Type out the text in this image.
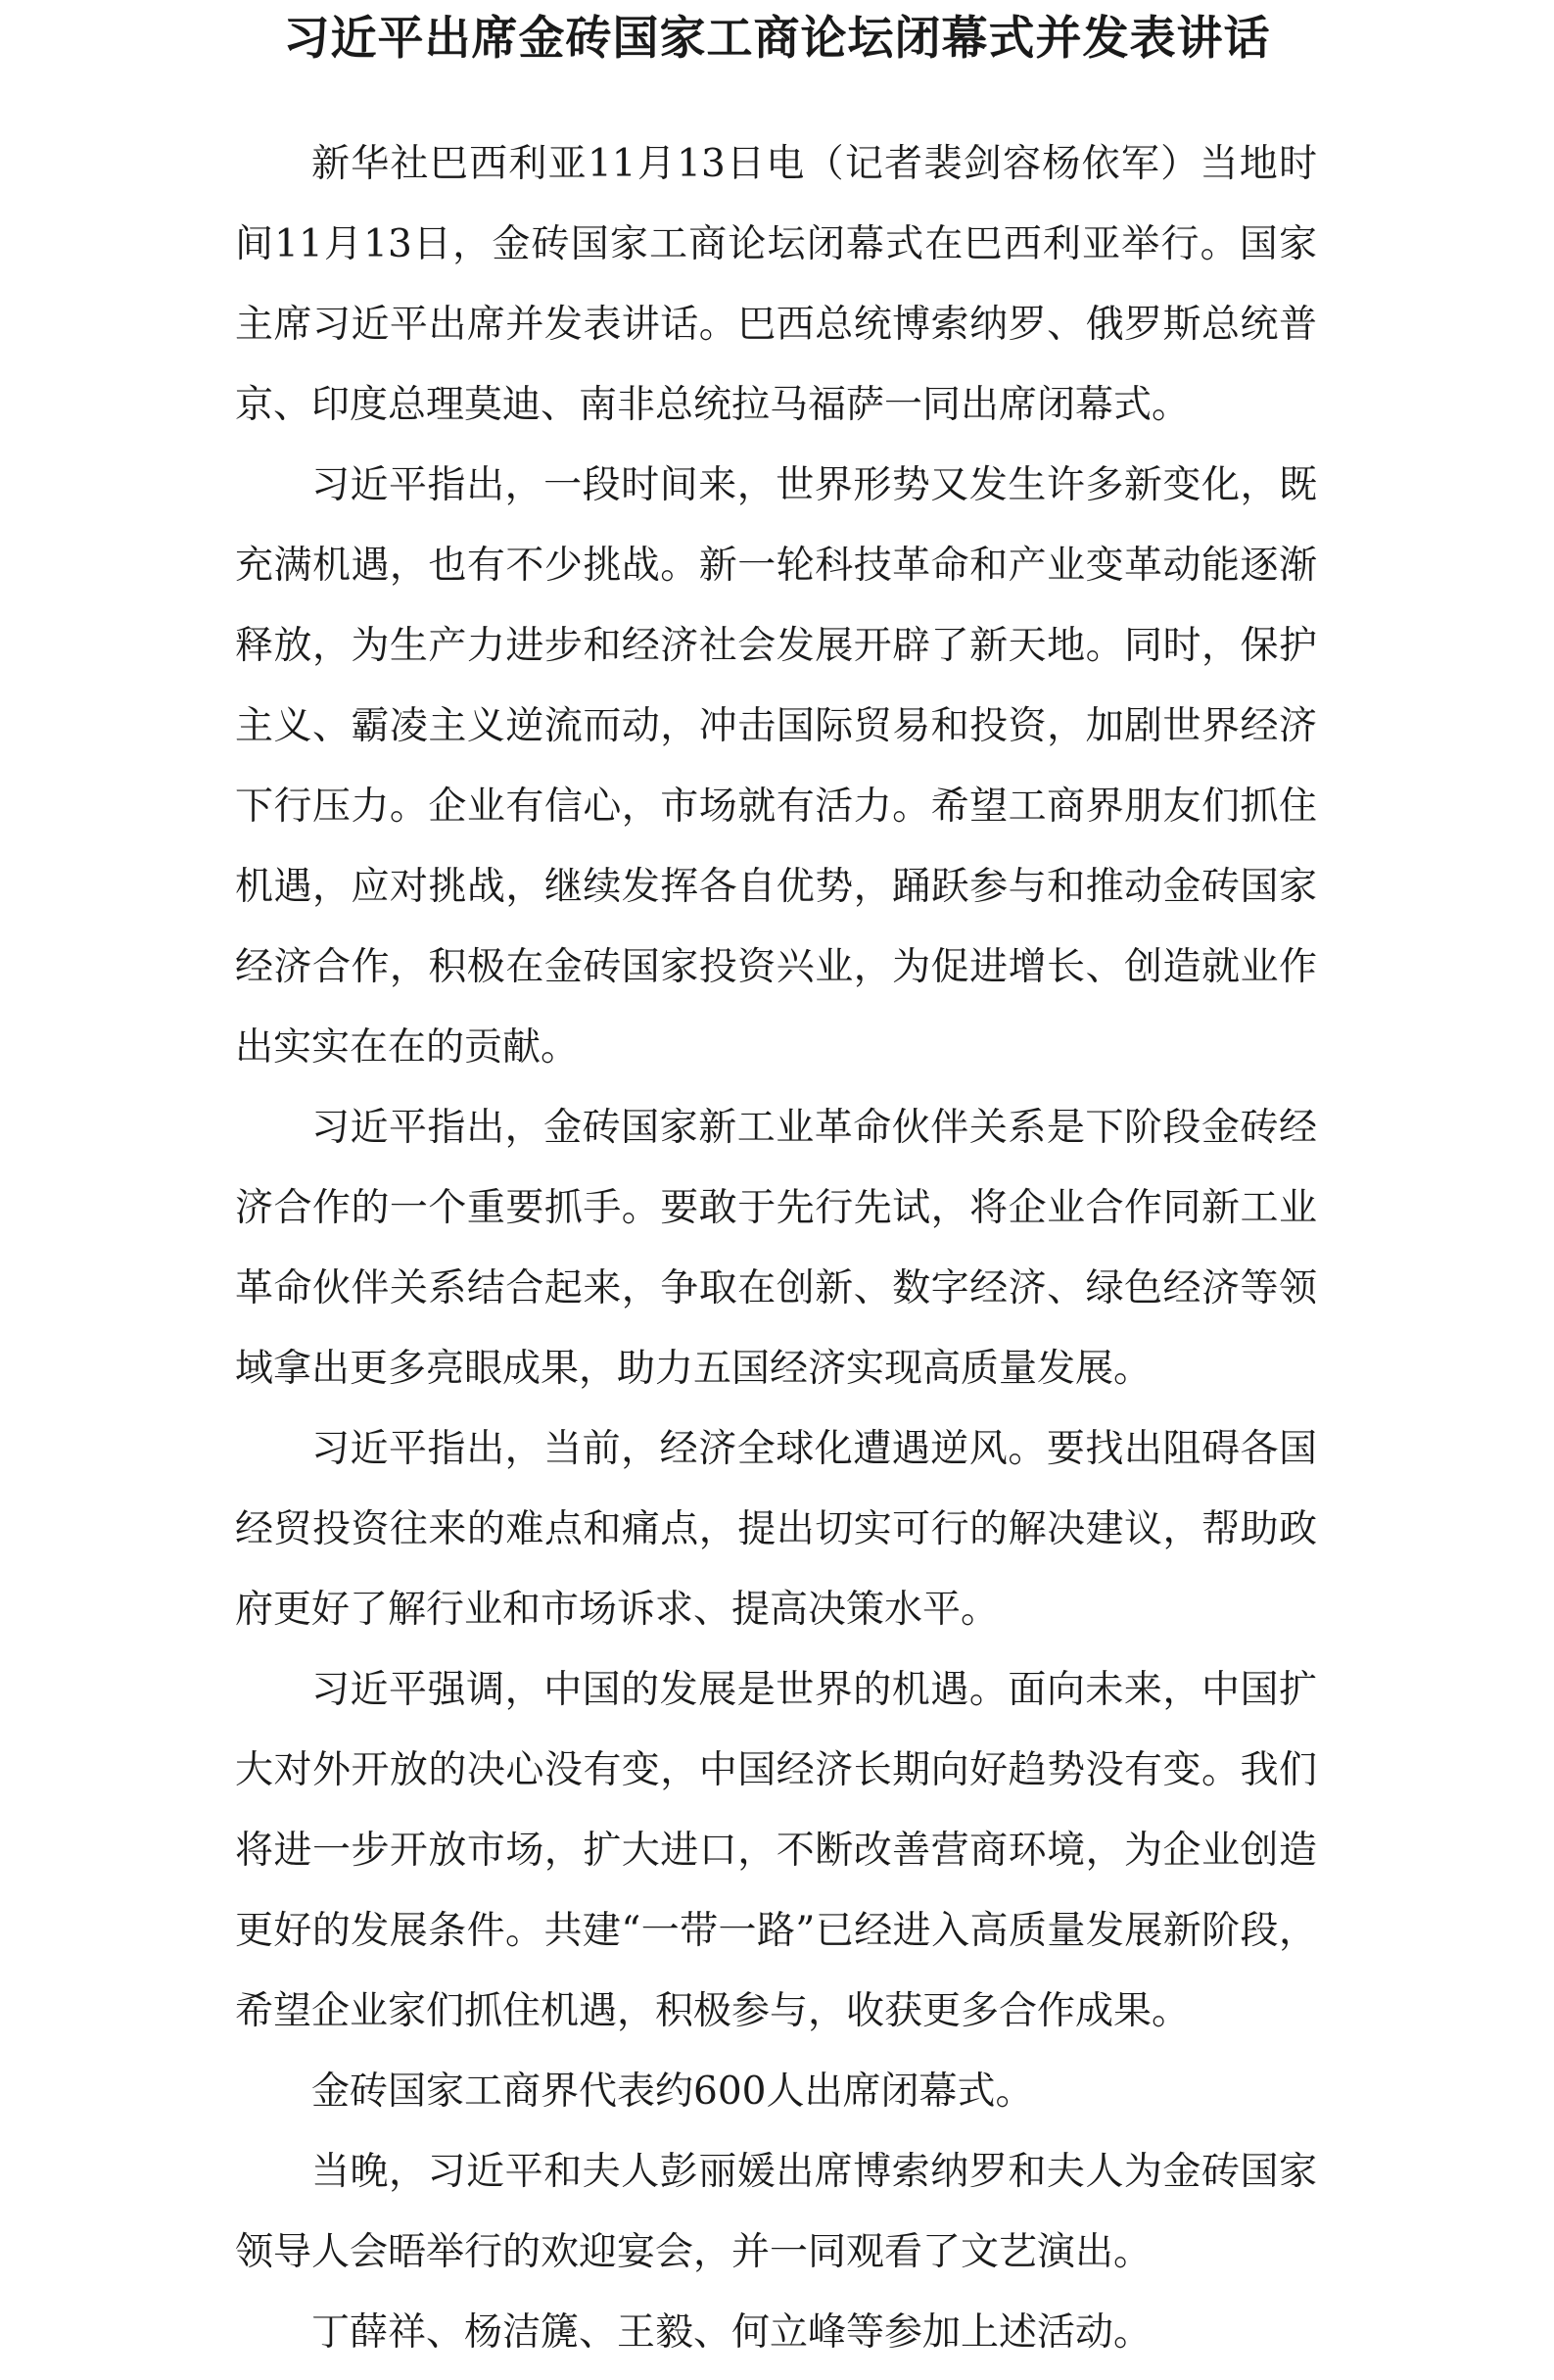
习近平出席金砖国家工商论坛闭幕式并发表讲话

新华社巴西利亚11月13日电（记者裴剑容杨依军）当地时间11月13日，金砖国家工商论坛闭幕式在巴西利亚举行。国家主席习近平出席并发表讲话。巴西总统博索纳罗、俄罗斯总统普京、印度总理莫迪、南非总统拉马福萨一同出席闭幕式。

习近平指出，一段时间来，世界形势又发生许多新变化，既充满机遇，也有不少挑战。新一轮科技革命和产业变革动能逐渐释放，为生产力进步和经济社会发展开辟了新天地。同时，保护主义、霸凌主义逆流而动，冲击国际贸易和投资，加剧世界经济下行压力。企业有信心，市场就有活力。希望工商界朋友们抓住机遇，应对挑战，继续发挥各自优势，踊跃参与和推动金砖国家经济合作，积极在金砖国家投资兴业，为促进增长、创造就业作出实实在在的贡献。

习近平指出，金砖国家新工业革命伙伴关系是下阶段金砖经济合作的一个重要抓手。要敢于先行先试，将企业合作同新工业革命伙伴关系结合起来，争取在创新、数字经济、绿色经济等领域拿出更多亮眼成果，助力五国经济实现高质量发展。

习近平指出，当前，经济全球化遭遇逆风。要找出阻碍各国经贸投资往来的难点和痛点，提出切实可行的解决建议，帮助政府更好了解行业和市场诉求、提高决策水平。

习近平强调，中国的发展是世界的机遇。面向未来，中国扩大对外开放的决心没有变，中国经济长期向好趋势没有变。我们将进一步开放市场，扩大进口，不断改善营商环境，为企业创造更好的发展条件。共建“一带一路”已经进入高质量发展新阶段，希望企业家们抓住机遇，积极参与，收获更多合作成果。

金砖国家工商界代表约600人出席闭幕式。

当晚，习近平和夫人彭丽媛出席博索纳罗和夫人为金砖国家领导人会晤举行的欢迎宴会，并一同观看了文艺演出。

丁薛祥、杨洁篪、王毅、何立峰等参加上述活动。
